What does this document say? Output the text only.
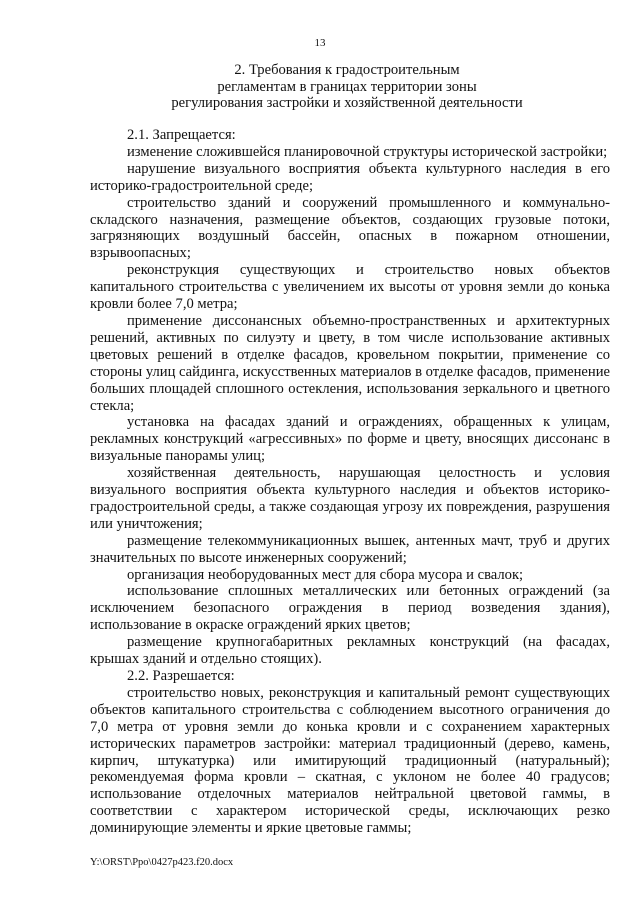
13
2. Требования к градостроительным
регламентам в границах территории зоны
регулирования застройки и хозяйственной деятельности

2.1. Запрещается:

изменение сложившейся планировочной структуры исторической застройки;

нарушение визуального восприятия объекта культурного наследия в его историко-градостроительной среде;

строительство зданий и сооружений промышленного и коммунально-складского назначения, размещение объектов, создающих грузовые потоки, загрязняющих воздушный бассейн, опасных в пожарном отношении, взрывоопасных;

реконструкция существующих и строительство новых объектов капитального строительства с увеличением их высоты от уровня земли до конька кровли более 7,0 метра;

применение диссонансных объемно-пространственных и архитектурных решений, активных по силуэту и цвету, в том числе использование активных цветовых решений в отделке фасадов, кровельном покрытии, применение со стороны улиц сайдинга, искусственных материалов в отделке фасадов, применение больших площадей сплошного остекления, использования зеркального и цветного стекла;

установка на фасадах зданий и ограждениях, обращенных к улицам, рекламных конструкций «агрессивных» по форме и цвету, вносящих диссонанс в визуальные панорамы улиц;

хозяйственная деятельность, нарушающая целостность и условия визуального восприятия объекта культурного наследия и объектов историко-градостроительной среды, а также создающая угрозу их повреждения, разрушения или уничтожения;

размещение телекоммуникационных вышек, антенных мачт, труб и других значительных по высоте инженерных сооружений;

организация необорудованных мест для сбора мусора и свалок;

использование сплошных металлических или бетонных ограждений (за исключением безопасного ограждения в период возведения здания), использование в окраске ограждений ярких цветов;

размещение крупногабаритных рекламных конструкций (на фасадах, крышах зданий и отдельно стоящих).

2.2. Разрешается:

строительство новых, реконструкция и капитальный ремонт существующих объектов капитального строительства с соблюдением высотного ограничения до 7,0 метра от уровня земли до конька кровли и с сохранением характерных исторических параметров застройки: материал традиционный (дерево, камень, кирпич, штукатурка) или имитирующий традиционный (натуральный); рекомендуемая форма кровли – скатная, с уклоном не более 40 градусов; использование отделочных материалов нейтральной цветовой гаммы, в соответствии с характером исторической среды, исключающих резко доминирующие элементы и яркие цветовые гаммы;

Y:\ORST\Ppo\0427p423.f20.docx
